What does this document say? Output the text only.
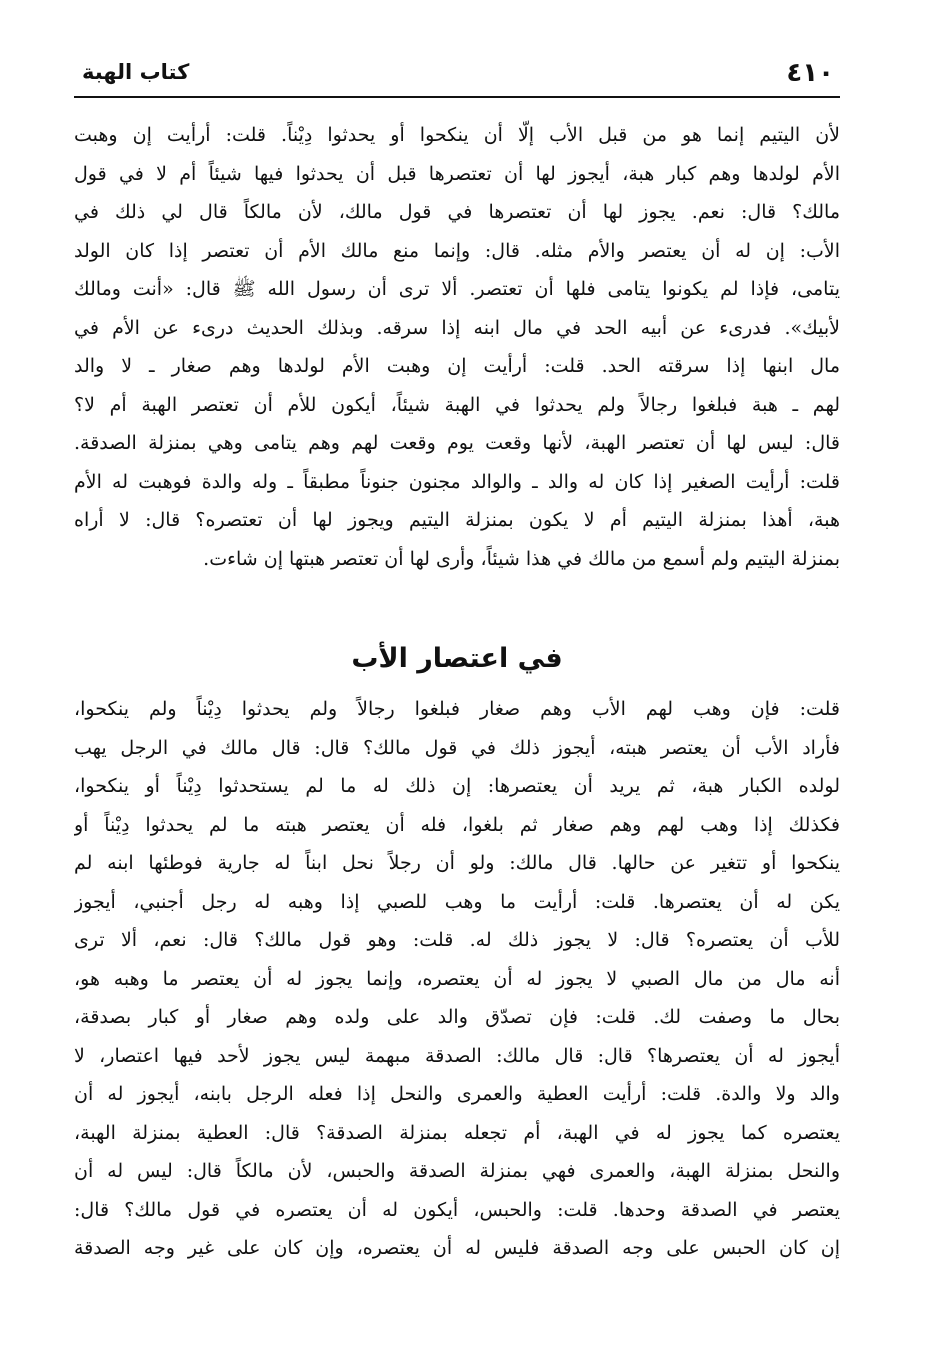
٤١٠
كتاب الهبة
لأن اليتيم إنما هو من قبل الأب إلّا أن ينكحوا أو يحدثوا دِيْناً. قلت: أرأيت إن وهبت
الأم لولدها وهم كبار هبة، أيجوز لها أن تعتصرها قبل أن يحدثوا فيها شيئاً أم لا في قول
مالك؟ قال: نعم. يجوز لها أن تعتصرها في قول مالك، لأن مالكاً قال لي ذلك في
الأب: إن له أن يعتصر والأم مثله. قال: وإنما منع مالك الأم أن تعتصر إذا كان الولد
يتامى، فإذا لم يكونوا يتامى فلها أن تعتصر. ألا ترى أن رسول الله ﷺ قال: «أنت ومالك
لأبيك». فدرىء عن أبيه الحد في مال ابنه إذا سرقه. وبذلك الحديث درىء عن الأم في
مال ابنها إذا سرقته الحد. قلت: أرأيت إن وهبت الأم لولدها وهم صغار ـ لا والد
لهم ـ هبة فبلغوا رجالاً ولم يحدثوا في الهبة شيئاً، أيكون للأم أن تعتصر الهبة أم لا؟
قال: ليس لها أن تعتصر الهبة، لأنها وقعت يوم وقعت لهم وهم يتامى وهي بمنزلة الصدقة.
قلت: أرأيت الصغير إذا كان له والد ـ والوالد مجنون جنوناً مطبقاً ـ وله والدة فوهبت له الأم
هبة، أهذا بمنزلة اليتيم أم لا يكون بمنزلة اليتيم ويجوز لها أن تعتصره؟ قال: لا أراه
بمنزلة اليتيم ولم أسمع من مالك في هذا شيئاً، وأرى لها أن تعتصر هبتها إن شاءت.
في اعتصار الأب
قلت: فإن وهب لهم الأب وهم صغار فبلغوا رجالاً ولم يحدثوا دِيْناً ولم ينكحوا،
فأراد الأب أن يعتصر هبته، أيجوز ذلك في قول مالك؟ قال: قال مالك في الرجل يهب
لولده الكبار هبة، ثم يريد أن يعتصرها: إن ذلك له ما لم يستحدثوا دِيْناً أو ينكحوا،
فكذلك إذا وهب لهم وهم صغار ثم بلغوا، فله أن يعتصر هبته ما لم يحدثوا دِيْناً أو
ينكحوا أو تتغير عن حالها. قال مالك: ولو أن رجلاً نحل ابناً له جارية فوطئها ابنه لم
يكن له أن يعتصرها. قلت: أرأيت ما وهب للصبي إذا وهبه له رجل أجنبي، أيجوز
للأب أن يعتصره؟ قال: لا يجوز ذلك له. قلت: وهو قول مالك؟ قال: نعم، ألا ترى
أنه مال من مال الصبي لا يجوز له أن يعتصره، وإنما يجوز له أن يعتصر ما وهبه هو،
بحال ما وصفت لك. قلت: فإن تصدّق والد على ولده وهم صغار أو كبار بصدقة،
أيجوز له أن يعتصرها؟ قال: قال مالك: الصدقة مبهمة ليس يجوز لأحد فيها اعتصار، لا
والد ولا والدة. قلت: أرأيت العطية والعمرى والنحل إذا فعله الرجل بابنه، أيجوز له أن
يعتصره كما يجوز له في الهبة، أم تجعله بمنزلة الصدقة؟ قال: العطية بمنزلة الهبة،
والنحل بمنزلة الهبة، والعمرى فهي بمنزلة الصدقة والحبس، لأن مالكاً قال: ليس له أن
يعتصر في الصدقة وحدها. قلت: والحبس، أيكون له أن يعتصره في قول مالك؟ قال:
إن كان الحبس على وجه الصدقة فليس له أن يعتصره، وإن كان على غير وجه الصدقة
